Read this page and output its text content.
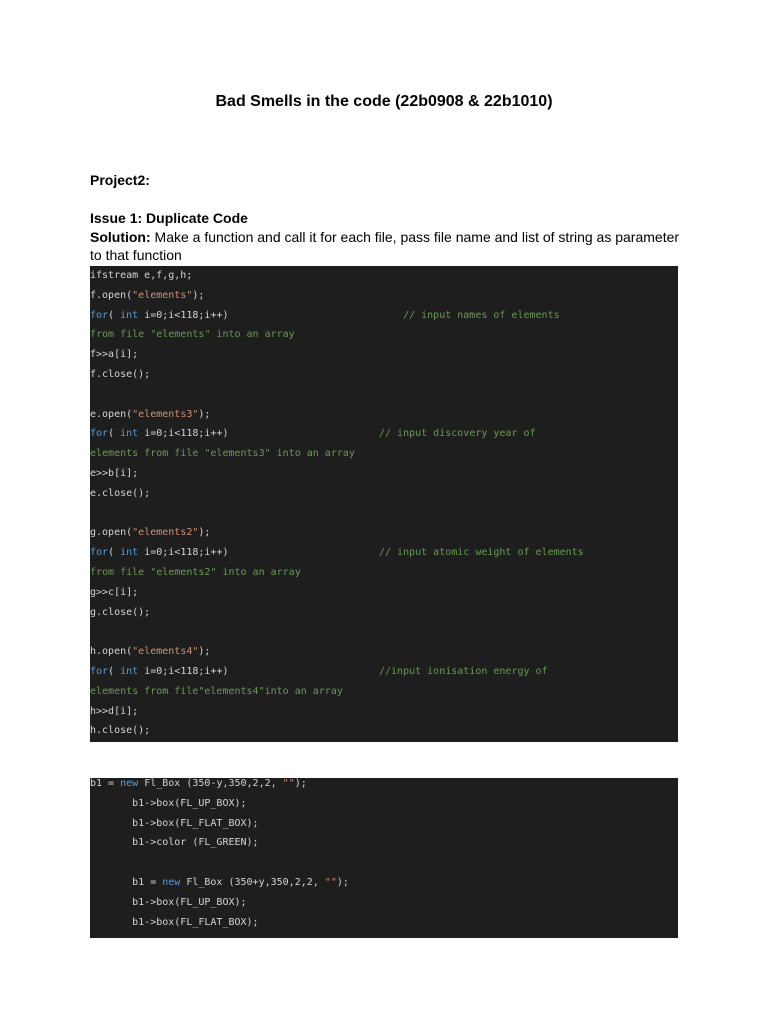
Bad Smells in the code (22b0908 & 22b1010)
Project2:
Issue 1: Duplicate Code
Solution: Make a function and call it for each file, pass file name and list of string as parameter to that function
ifstream e,f,g,h;
f.open("elements");
for( int i=0;i<118;i++)                             // input names of elements
from file "elements" into an array
f>>a[i];
f.close();
e.open("elements3");
for( int i=0;i<118;i++)                         // input discovery year of
elements from file "elements3" into an array
e>>b[i];
e.close();
g.open("elements2");
for( int i=0;i<118;i++)                         // input atomic weight of elements
from file "elements2" into an array
g>>c[i];
g.close();
h.open("elements4");
for( int i=0;i<118;i++)                         //input ionisation energy of
elements from file"elements4"into an array
h>>d[i];
h.close();
b1 = new Fl_Box (350-y,350,2,2, "");
b1->box(FL_UP_BOX);
b1->box(FL_FLAT_BOX);
b1->color (FL_GREEN);
b1 = new Fl_Box (350+y,350,2,2, "");
b1->box(FL_UP_BOX);
b1->box(FL_FLAT_BOX);
